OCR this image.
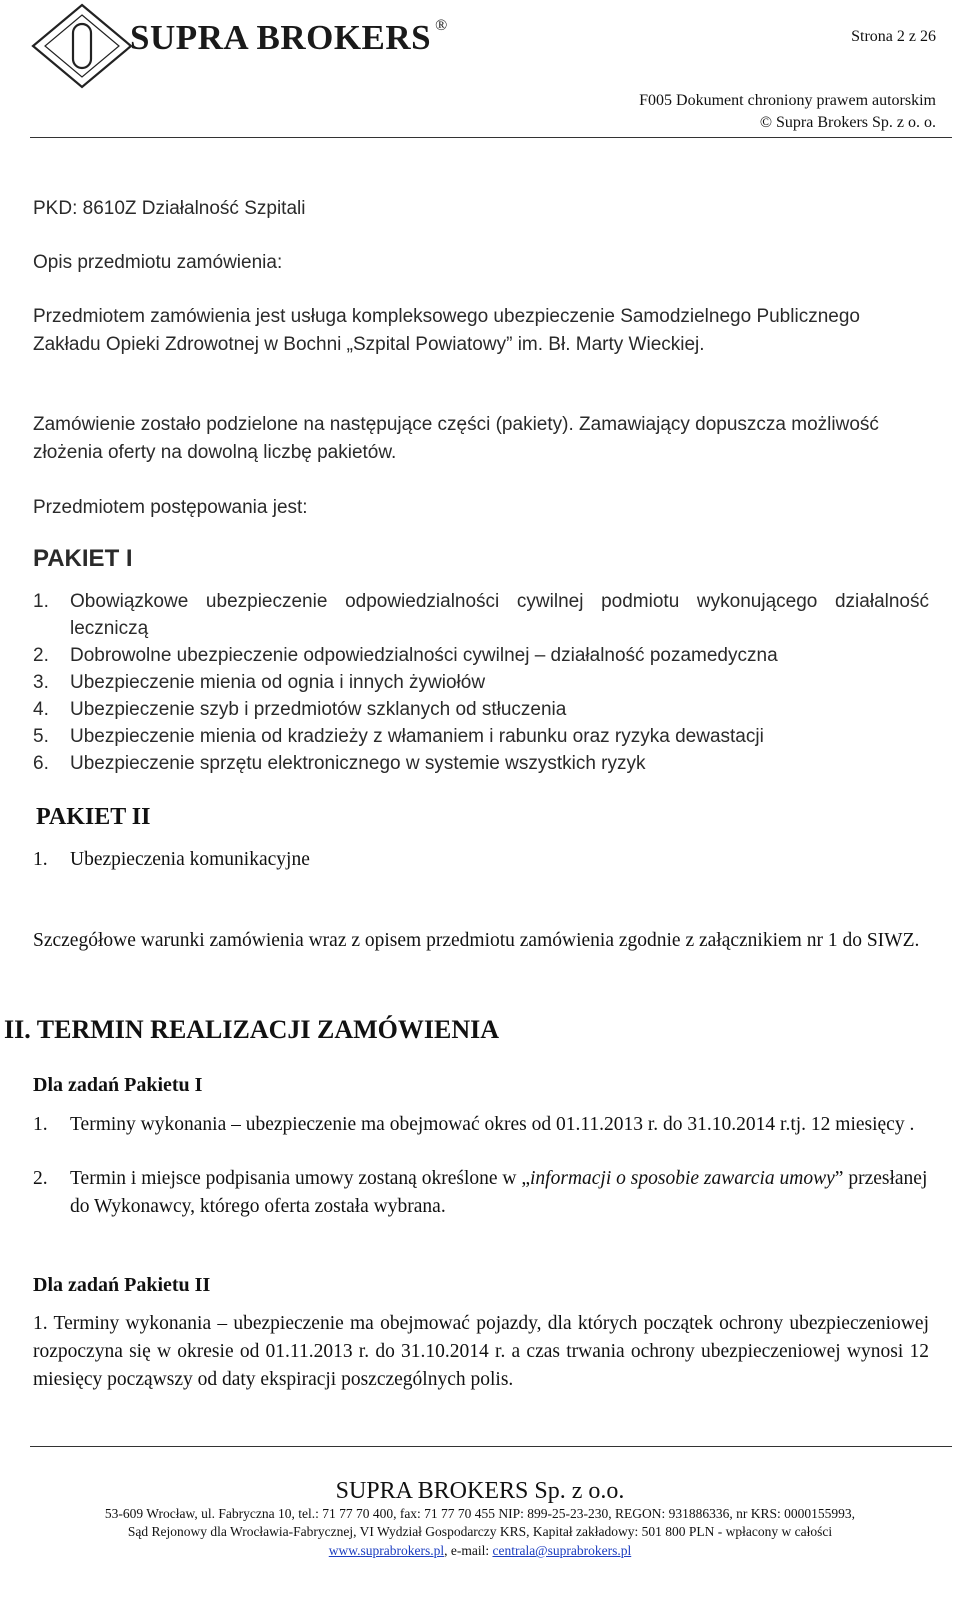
SUPRA BROKERS ®
Strona 2 z 26
F005 Dokument chroniony prawem autorskim
© Supra Brokers Sp. z o. o.
PKD: 8610Z Działalność Szpitali
Opis przedmiotu zamówienia:
Przedmiotem zamówienia jest usługa kompleksowego ubezpieczenie Samodzielnego Publicznego Zakładu Opieki Zdrowotnej w Bochni „Szpital Powiatowy” im. Bł. Marty Wieckiej.
Zamówienie zostało podzielone na następujące części (pakiety). Zamawiający dopuszcza możliwość złożenia oferty na dowolną liczbę pakietów.
Przedmiotem postępowania jest:
PAKIET I
1. Obowiązkowe ubezpieczenie odpowiedzialności cywilnej podmiotu wykonującego działalność leczniczą
2. Dobrowolne ubezpieczenie odpowiedzialności cywilnej – działalność pozamedyczna
3. Ubezpieczenie mienia od ognia i innych żywiołów
4. Ubezpieczenie szyb i przedmiotów szklanych od stłuczenia
5. Ubezpieczenie mienia od kradzieży z włamaniem i rabunku oraz ryzyka dewastacji
6. Ubezpieczenie sprzętu elektronicznego w systemie wszystkich ryzyk
PAKIET II
1. Ubezpieczenia komunikacyjne
Szczegółowe warunki zamówienia wraz z opisem przedmiotu zamówienia zgodnie z załącznikiem nr 1 do SIWZ.
II. TERMIN REALIZACJI ZAMÓWIENIA
Dla zadań Pakietu I
1. Terminy wykonania – ubezpieczenie ma obejmować okres od 01.11.2013 r. do 31.10.2014 r.tj. 12 miesięcy .
2. Termin i miejsce podpisania umowy zostaną określone w „informacji o sposobie zawarcia umowy” przesłanej do Wykonawcy, którego oferta została wybrana.
Dla zadań Pakietu II
1. Terminy wykonania – ubezpieczenie ma obejmować pojazdy, dla których początek ochrony ubezpieczeniowej rozpoczyna się w okresie od 01.11.2013 r. do 31.10.2014 r. a czas trwania ochrony ubezpieczeniowej wynosi 12 miesięcy począwszy od daty ekspiracji poszczególnych polis.
SUPRA BROKERS Sp. z o.o.
53-609 Wrocław, ul. Fabryczna 10, tel.: 71 77 70 400, fax: 71 77 70 455 NIP: 899-25-23-230, REGON: 931886336, nr KRS: 0000155993,
Sąd Rejonowy dla Wrocławia-Fabrycznej, VI Wydział Gospodarczy KRS, Kapitał zakładowy: 501 800 PLN - wpłacony w całości
www.suprabrokers.pl, e-mail: centrala@suprabrokers.pl
